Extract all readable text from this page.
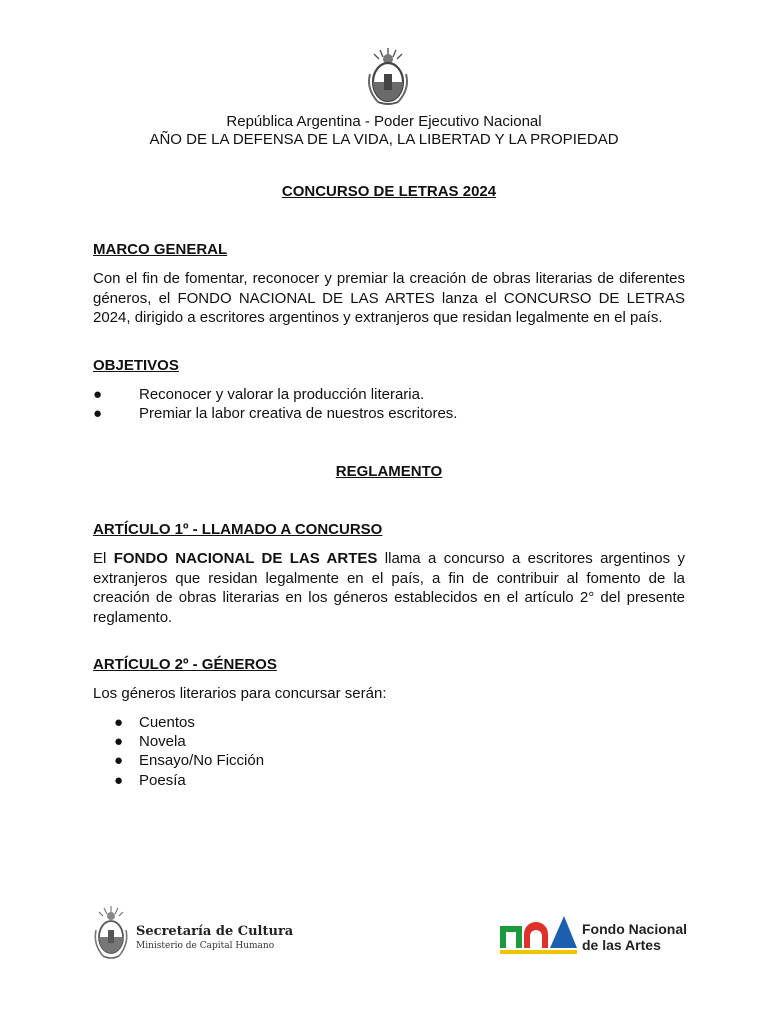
República Argentina - Poder Ejecutivo Nacional
AÑO DE LA DEFENSA DE LA VIDA, LA LIBERTAD Y LA PROPIEDAD
CONCURSO DE LETRAS 2024
MARCO GENERAL
Con el fin de fomentar, reconocer y premiar la creación de obras literarias de diferentes géneros, el FONDO NACIONAL DE LAS ARTES lanza el CONCURSO DE LETRAS 2024, dirigido a escritores argentinos y extranjeros que residan legalmente en el país.
OBJETIVOS
●	Reconocer y valorar la producción literaria.
●	Premiar la labor creativa de nuestros escritores.
REGLAMENTO
ARTÍCULO 1º - LLAMADO A CONCURSO
El FONDO NACIONAL DE LAS ARTES llama a concurso a escritores argentinos y extranjeros que residan legalmente en el país, a fin de contribuir al fomento de la creación de obras literarias en los géneros establecidos en el artículo 2° del presente reglamento.
ARTÍCULO 2º - GÉNEROS
Los géneros literarios para concursar serán:
●	Cuentos
●	Novela
●	Ensayo/No Ficción
●	Poesía
Secretaría de Cultura
Ministerio de Capital Humano
Fondo Nacional
de las Artes
